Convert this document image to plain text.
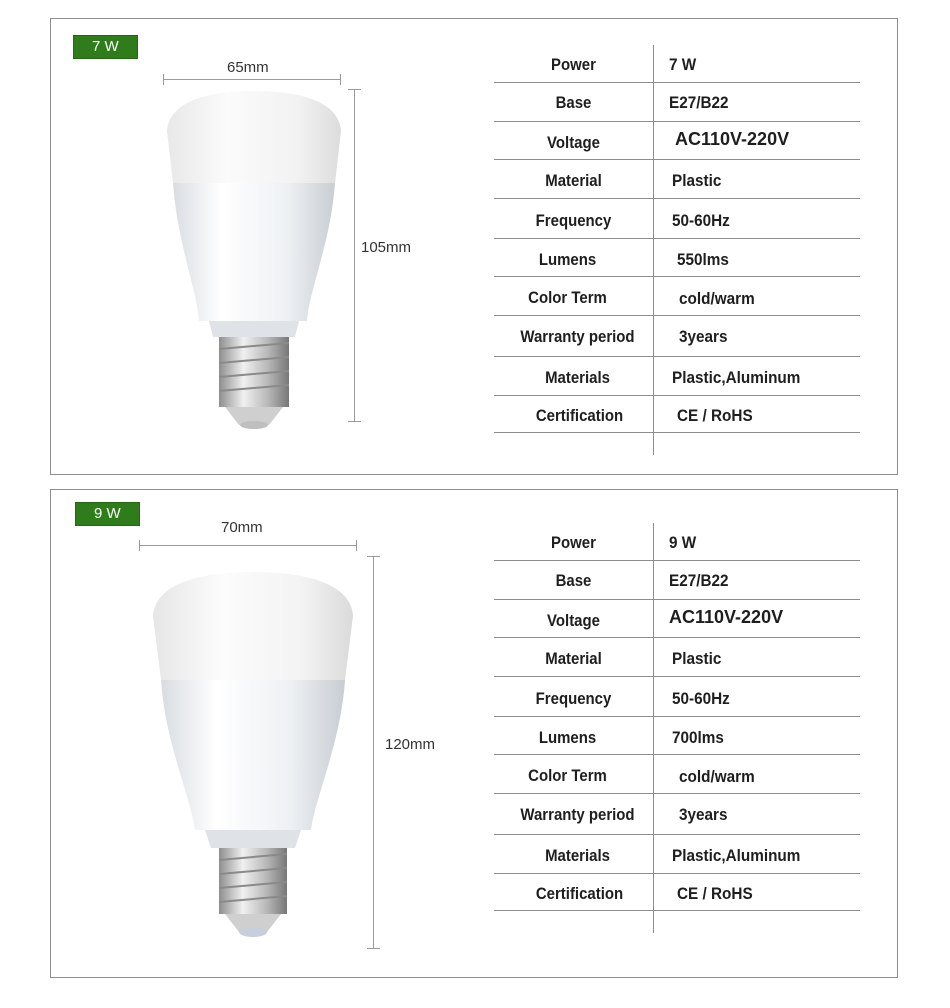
7 W
65mm
105mm
Power	7 W
Base	E27/B22
Voltage	AC110V-220V
Material	Plastic
Frequency	50-60Hz
Lumens	550lms
Color Term	cold/warm
Warranty period	3years
Materials	Plastic,Aluminum
Certification	CE / RoHS
9 W
70mm
120mm
Power	9 W
Base	E27/B22
Voltage	AC110V-220V
Material	Plastic
Frequency	50-60Hz
Lumens	700lms
Color Term	cold/warm
Warranty period	3years
Materials	Plastic,Aluminum
Certification	CE / RoHS
